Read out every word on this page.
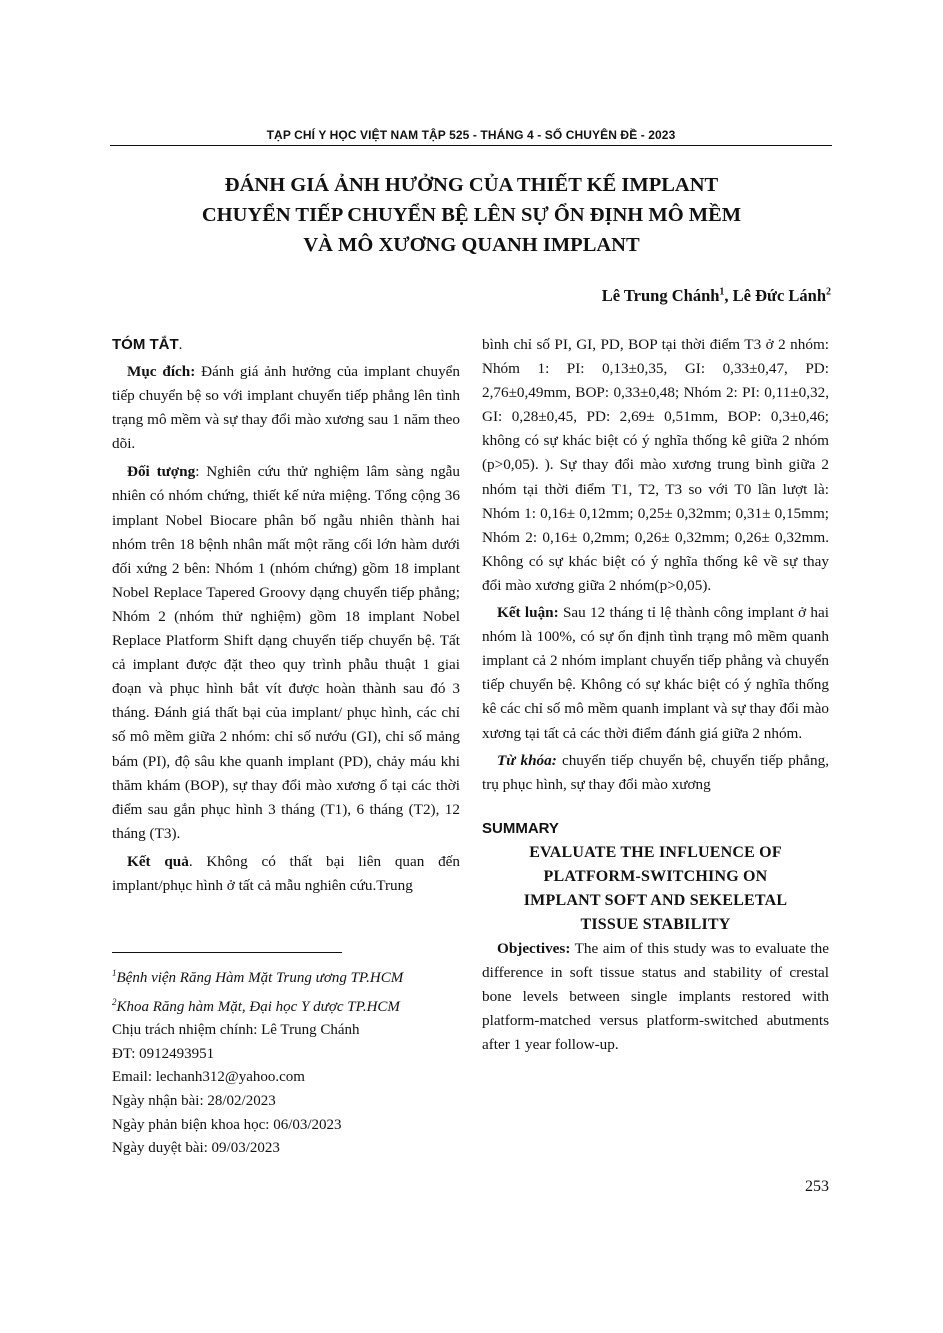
TẠP CHÍ Y HỌC VIỆT NAM TẬP 525 - THÁNG 4 - SỐ CHUYÊN ĐỀ - 2023
ĐÁNH GIÁ ẢNH HƯỞNG CỦA THIẾT KẾ IMPLANT
CHUYỂN TIẾP CHUYỂN BỆ LÊN SỰ ỔN ĐỊNH MÔ MỀM
VÀ MÔ XƯƠNG QUANH IMPLANT
Lê Trung Chánh$^1$, Lê Đức Lánh$^2$

TÓM TẮT.

Mục đích: Đánh giá ảnh hưởng của implant chuyển tiếp chuyển bệ so với implant chuyển tiếp phẳng lên tình trạng mô mềm và sự thay đổi mào xương sau 1 năm theo dõi.

Đối tượng: Nghiên cứu thử nghiệm lâm sàng ngẫu nhiên có nhóm chứng, thiết kế nửa miệng. Tổng cộng 36 implant Nobel Biocare phân bố ngẫu nhiên thành hai nhóm trên 18 bệnh nhân mất một răng cối lớn hàm dưới đối xứng 2 bên: Nhóm 1 (nhóm chứng) gồm 18 implant Nobel Replace Tapered Groovy dạng chuyển tiếp phẳng; Nhóm 2 (nhóm thử nghiệm) gồm 18 implant Nobel Replace Platform Shift dạng chuyển tiếp chuyển bệ. Tất cả implant được đặt theo quy trình phẫu thuật 1 giai đoạn và phục hình bắt vít được hoàn thành sau đó 3 tháng. Đánh giá thất bại của implant/ phục hình, các chỉ số mô mềm giữa 2 nhóm: chỉ số nướu (GI), chỉ số mảng bám (PI), độ sâu khe quanh implant (PD), chảy máu khi thăm khám (BOP), sự thay đổi mào xương ổ tại các thời điểm sau gắn phục hình 3 tháng (T1), 6 tháng (T2), 12 tháng (T3).

Kết quả. Không có thất bại liên quan đến implant/phục hình ở tất cả mẫu nghiên cứu.Trung

bình chỉ số PI, GI, PD, BOP tại thời điểm T3 ở 2 nhóm: Nhóm 1: PI: 0,13±0,35, GI: 0,33±0,47, PD: 2,76±0,49mm, BOP: 0,33±0,48; Nhóm 2: PI: 0,11±0,32, GI: 0,28±0,45, PD: 2,69± 0,51mm, BOP: 0,3±0,46; không có sự khác biệt có ý nghĩa thống kê giữa 2 nhóm (p>0,05). ). Sự thay đổi mào xương trung bình giữa 2 nhóm tại thời điểm T1, T2, T3 so với T0 lần lượt là: Nhóm 1: 0,16± 0,12mm; 0,25± 0,32mm; 0,31± 0,15mm; Nhóm 2: 0,16± 0,2mm; 0,26± 0,32mm; 0,26± 0,32mm. Không có sự khác biệt có ý nghĩa thống kê về sự thay đổi mào xương giữa 2 nhóm(p>0,05).

Kết luận: Sau 12 tháng tỉ lệ thành công implant ở hai nhóm là 100%, có sự ổn định tình trạng mô mềm quanh implant cả 2 nhóm implant chuyển tiếp phẳng và chuyển tiếp chuyển bệ. Không có sự khác biệt có ý nghĩa thống kê các chỉ số mô mềm quanh implant và sự thay đổi mào xương tại tất cả các thời điểm đánh giá giữa 2 nhóm.

Từ khóa: chuyển tiếp chuyển bệ, chuyển tiếp phẳng, trụ phục hình, sự thay đổi mào xương

SUMMARY

EVALUATE THE INFLUENCE OF

PLATFORM-SWITCHING ON

IMPLANT SOFT AND SEKELETAL

TISSUE STABILITY

Objectives: The aim of this study was to evaluate the difference in soft tissue status and stability of crestal bone levels between single implants restored with platform-matched versus platform-switched abutments after 1 year follow-up.

$^1$Bệnh viện Răng Hàm Mặt Trung ương TP.HCM
$^2$Khoa Răng hàm Mặt, Đại học Y dược TP.HCM
Chịu trách nhiệm chính: Lê Trung Chánh
ĐT: 0912493951
Email: lechanh312@yahoo.com
Ngày nhận bài: 28/02/2023
Ngày phản biện khoa học: 06/03/2023
Ngày duyệt bài: 09/03/2023
253
